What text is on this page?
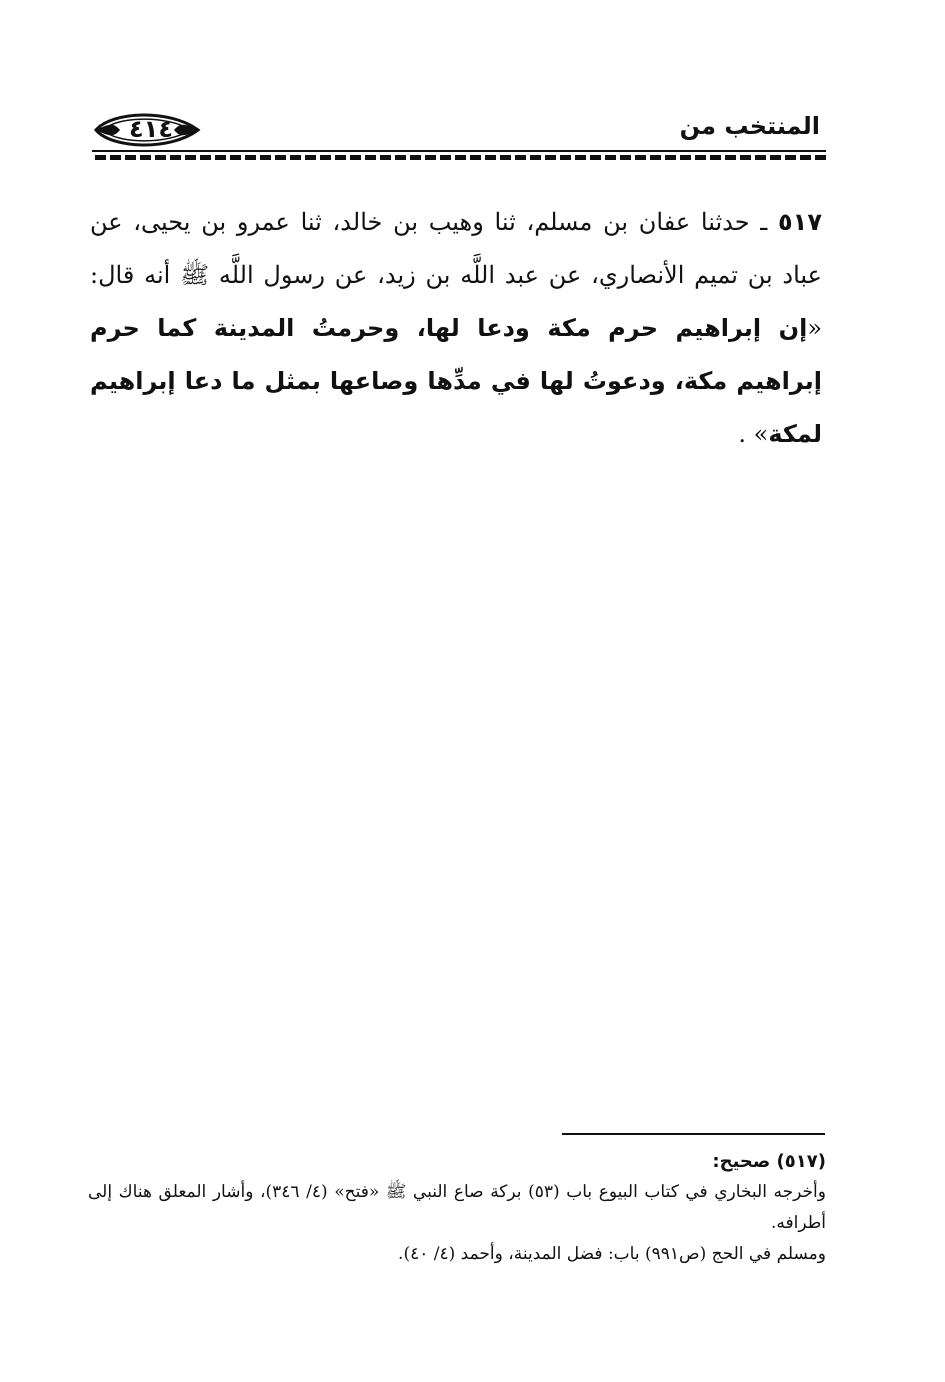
٤١٤	المنتخب من
٥١٧ ـ حدثنا عفان بن مسلم، ثنا وهيب بن خالد، ثنا عمرو بن يحيى، عن عباد بن تميم الأنصاري، عن عبد اللَّه بن زيد، عن رسول اللَّه ﷺ أنه قال: «إن إبراهيم حرم مكة ودعا لها، وحرمتُ المدينة كما حرم إبراهيم مكة، ودعوتُ لها في مدِّها وصاعها بمثل ما دعا إبراهيم لمكة» .

(٥١٧) صحيح:

وأخرجه البخاري في كتاب البيوع باب (٥٣) بركة صاع النبي ﷺ «فتح» (٤/ ٣٤٦)، وأشار المعلق هناك إلى أطرافه.

ومسلم في الحج (ص٩٩١) باب: فضل المدينة، وأحمد (٤/ ٤٠).
